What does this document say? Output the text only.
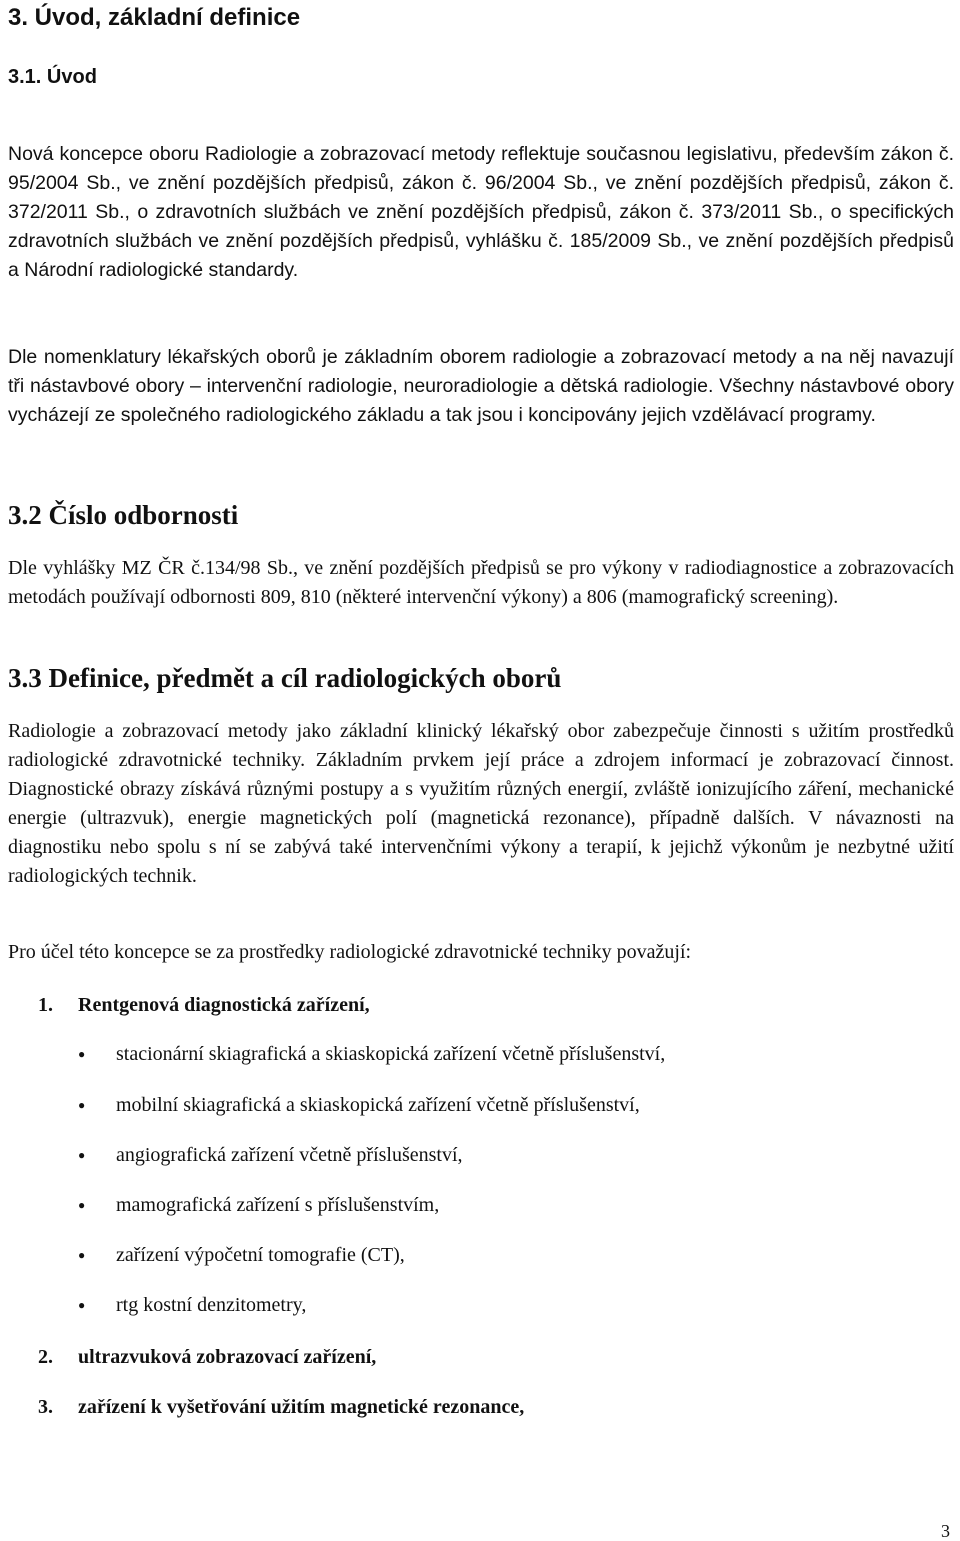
3. Úvod, základní definice
3.1. Úvod

Nová koncepce oboru Radiologie a zobrazovací metody reflektuje současnou legislativu, především zákon č. 95/2004 Sb., ve znění pozdějších předpisů, zákon č. 96/2004 Sb., ve znění pozdějších předpisů, zákon č. 372/2011 Sb., o zdravotních službách ve znění pozdějších předpisů, zákon č. 373/2011 Sb., o specifických zdravotních službách ve znění pozdějších předpisů, vyhlášku č. 185/2009 Sb., ve znění pozdějších předpisů a Národní radiologické standardy.

Dle nomenklatury lékařských oborů je základním oborem radiologie a zobrazovací metody a na něj navazují tři nástavbové obory – intervenční radiologie, neuroradiologie a dětská radiologie. Všechny nástavbové obory vycházejí ze společného radiologického základu a tak jsou i koncipovány jejich vzdělávací programy.

3.2 Číslo odbornosti

Dle vyhlášky MZ ČR č.134/98 Sb., ve znění pozdějších předpisů se pro výkony v radiodiagnostice a zobrazovacích metodách používají odbornosti 809, 810 (některé intervenční výkony) a 806 (mamografický screening).

3.3 Definice, předmět a cíl radiologických oborů

Radiologie a zobrazovací metody jako základní klinický lékařský obor zabezpečuje činnosti s užitím prostředků radiologické zdravotnické techniky. Základním prvkem její práce a zdrojem informací je zobrazovací činnost. Diagnostické obrazy získává různými postupy a s využitím různých energií, zvláště ionizujícího záření, mechanické energie (ultrazvuk), energie magnetických polí (magnetická rezonance), případně dalších. V návaznosti na diagnostiku nebo spolu s ní se zabývá také intervenčními výkony a terapií, k jejichž výkonům je nezbytné užití radiologických technik.

Pro účel této koncepce se za prostředky radiologické zdravotnické techniky považují:

1. Rentgenová diagnostická zařízení,
● stacionární skiagrafická a skiaskopická zařízení včetně příslušenství,
● mobilní skiagrafická a skiaskopická zařízení včetně příslušenství,
● angiografická zařízení včetně příslušenství,
● mamografická zařízení s příslušenstvím,
● zařízení výpočetní tomografie (CT),
● rtg kostní denzitometry,
2. ultrazvuková zobrazovací zařízení,
3. zařízení k vyšetřování užitím magnetické rezonance,

3
